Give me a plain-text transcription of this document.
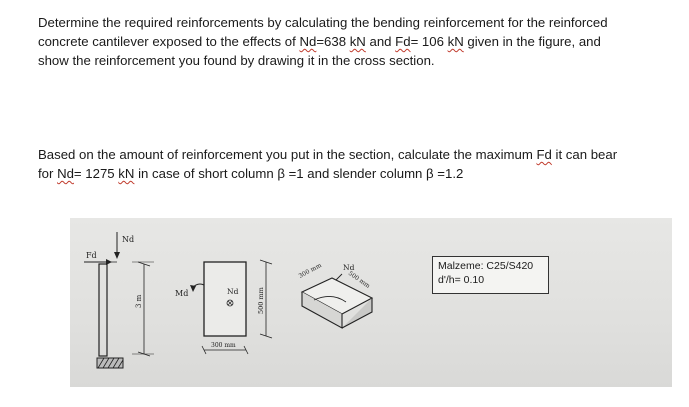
Determine the required reinforcements by calculating the bending reinforcement for the reinforced
concrete cantilever exposed to the effects of Nd=638 kN and Fd= 106 kN given in the figure, and
show the reinforcement you found by drawing it in the cross section.

Based on the amount of reinforcement you put in the section, calculate the maximum Fd it can bear
for Nd= 1275 kN in case of short column β =1 and slender column β =1.2

Fd
Nd
3 m
Md	Nd	500 mm
300 mm
300 mm	500 mm
Nd	Malzeme: C25/S420
d'/h= 0.10
